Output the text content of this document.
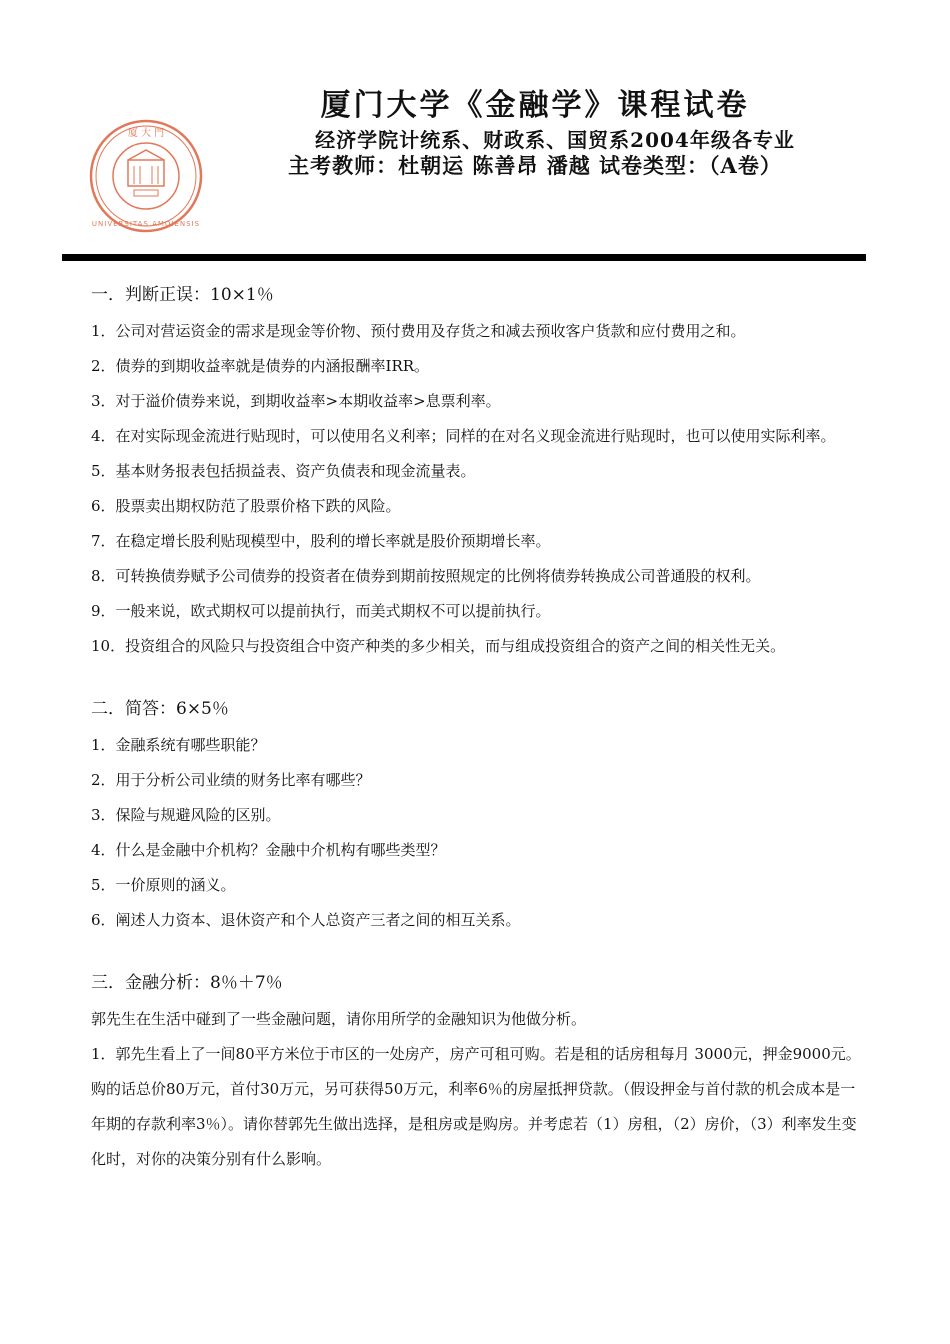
厦 大 門
UNIVERSITAS AMOIENSIS
厦门大学《金融学》课程试卷
经济学院计统系、财政系、国贸系2004年级各专业
主考教师：杜朝运 陈善昂 潘越 试卷类型：（A卷）

一．判断正误：10×1％

1．公司对营运资金的需求是现金等价物、预付费用及存货之和减去预收客户货款和应付费用之和。

2．债券的到期收益率就是债券的内涵报酬率IRR。

3．对于溢价债券来说，到期收益率>本期收益率>息票利率。

4．在对实际现金流进行贴现时，可以使用名义利率；同样的在对名义现金流进行贴现时，也可以使用实际利率。

5．基本财务报表包括损益表、资产负债表和现金流量表。

6．股票卖出期权防范了股票价格下跌的风险。

7．在稳定增长股利贴现模型中，股利的增长率就是股价预期增长率。

8．可转换债券赋予公司债券的投资者在债券到期前按照规定的比例将债券转换成公司普通股的权利。

9．一般来说，欧式期权可以提前执行，而美式期权不可以提前执行。

10．投资组合的风险只与投资组合中资产种类的多少相关，而与组成投资组合的资产之间的相关性无关。

二．简答：6×5％

1．金融系统有哪些职能？

2．用于分析公司业绩的财务比率有哪些？

3．保险与规避风险的区别。

4．什么是金融中介机构？金融中介机构有哪些类型？

5．一价原则的涵义。

6．阐述人力资本、退休资产和个人总资产三者之间的相互关系。

三．金融分析：8％＋7％

郭先生在生活中碰到了一些金融问题，请你用所学的金融知识为他做分析。

1．郭先生看上了一间80平方米位于市区的一处房产，房产可租可购。若是租的话房租每月 3000元，押金9000元。购的话总价80万元，首付30万元，另可获得50万元，利率6％的房屋抵押贷款。（假设押金与首付款的机会成本是一年期的存款利率3％）。请你替郭先生做出选择，是租房或是购房。并考虑若（1）房租，（2）房价，（3）利率发生变化时，对你的决策分别有什么影响。
